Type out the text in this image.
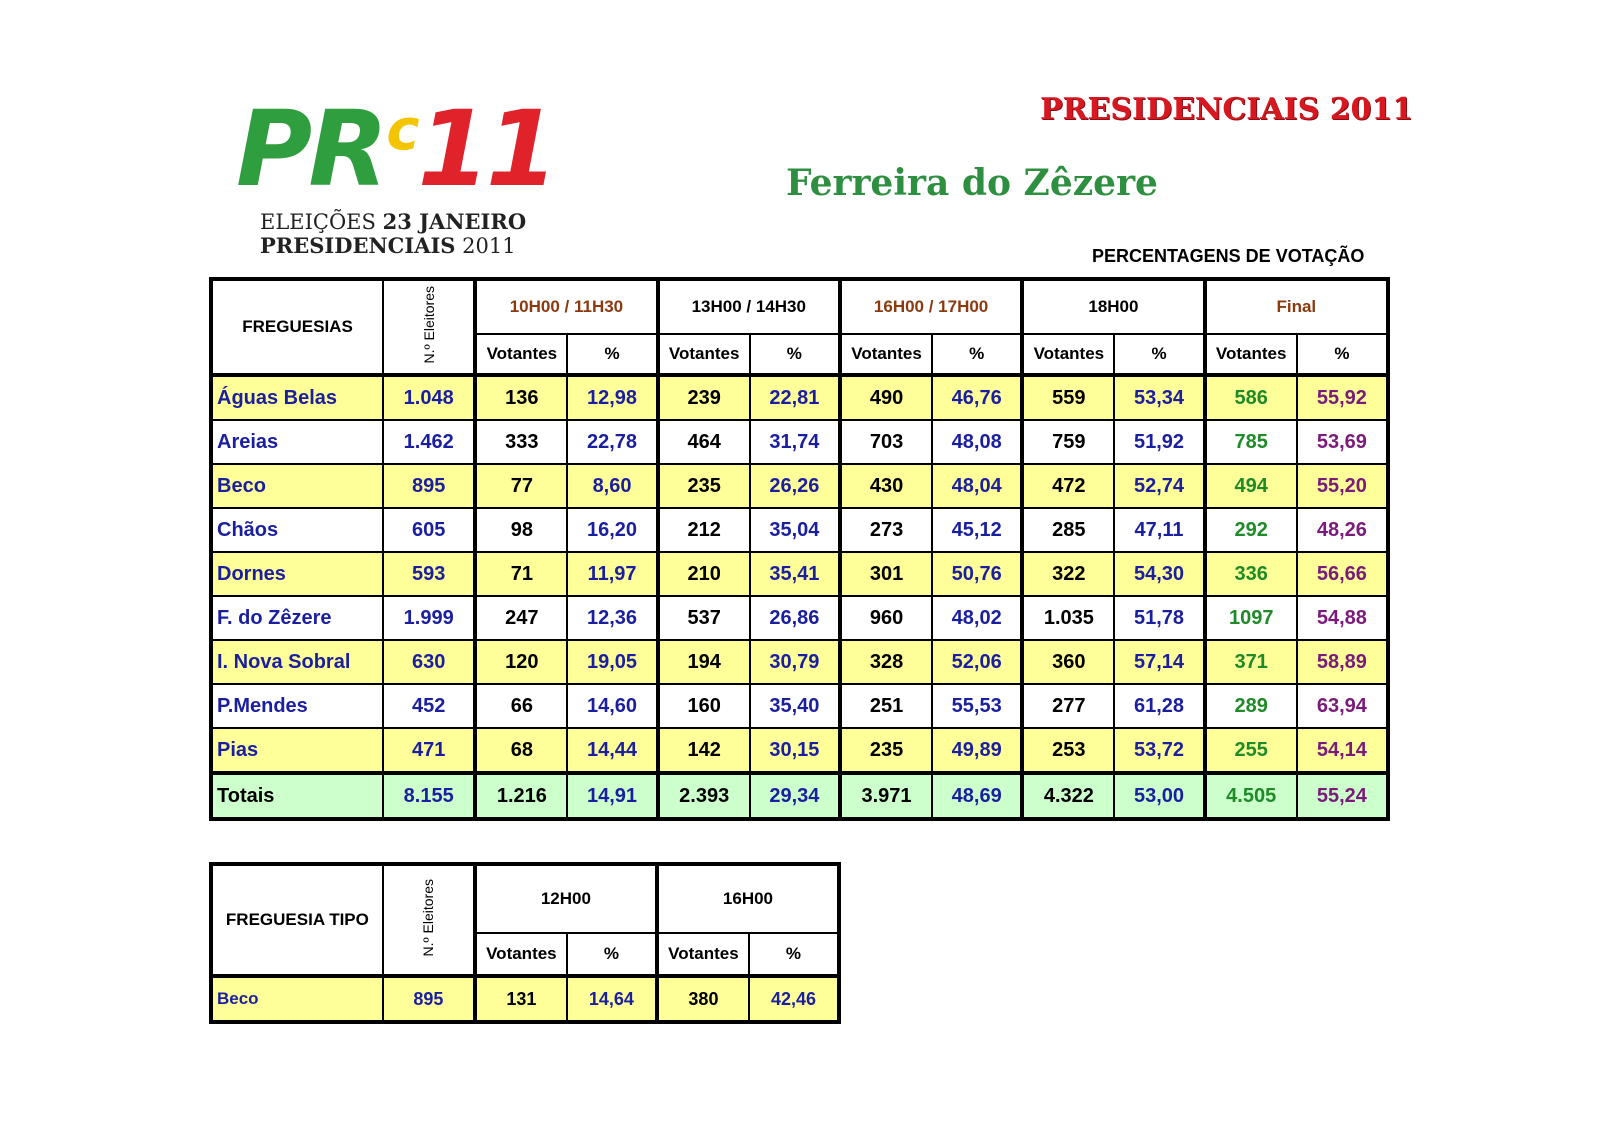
$PR^c11$
ELEIÇÕES 23 JANEIRO
PRESIDENCIAIS 2011
PRESIDENCIAIS 2011
Ferreira do Zêzere
PERCENTAGENS DE VOTAÇÃO
FREGUESIAS	N.º Eleitores	10H00 / 11H30		13H00 / 14H30		16H00 / 17H00		18H00		Final	
		Votantes	%	Votantes	%	Votantes	%	Votantes	%	Votantes	%
Águas Belas	1.048	136	12,98	239	22,81	490	46,76	559	53,34	586	55,92
Areias	1.462	333	22,78	464	31,74	703	48,08	759	51,92	785	53,69
Beco	895	77	8,60	235	26,26	430	48,04	472	52,74	494	55,20
Chãos	605	98	16,20	212	35,04	273	45,12	285	47,11	292	48,26
Dornes	593	71	11,97	210	35,41	301	50,76	322	54,30	336	56,66
F. do Zêzere	1.999	247	12,36	537	26,86	960	48,02	1.035	51,78	1097	54,88
I. Nova Sobral	630	120	19,05	194	30,79	328	52,06	360	57,14	371	58,89
P.Mendes	452	66	14,60	160	35,40	251	55,53	277	61,28	289	63,94
Pias	471	68	14,44	142	30,15	235	49,89	253	53,72	255	54,14
Totais	8.155	1.216	14,91	2.393	29,34	3.971	48,69	4.322	53,00	4.505	55,24
FREGUESIA TIPO	N.º Eleitores	12H00		16H00	
		Votantes	%	Votantes	%
Beco	895	131	14,64	380	42,46
